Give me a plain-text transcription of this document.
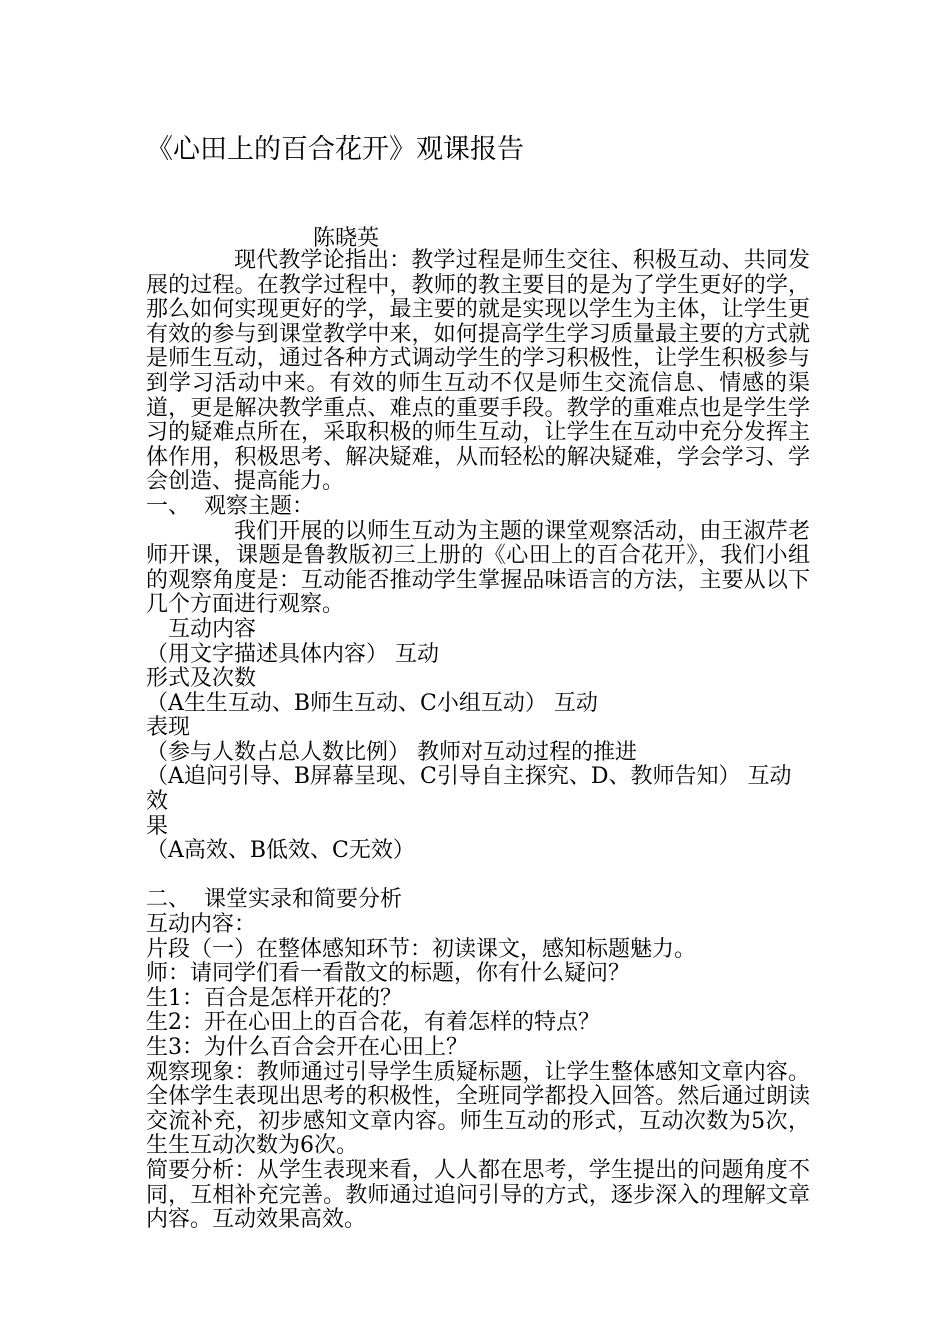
《心田上的百合花开》观课报告
陈晓英

现代教学论指出：教学过程是师生交往、积极互动、共同发展的过程。在教学过程中，教师的教主要目的是为了学生更好的学，那么如何实现更好的学，最主要的就是实现以学生为主体，让学生更有效的参与到课堂教学中来，如何提高学生学习质量最主要的方式就是师生互动，通过各种方式调动学生的学习积极性，让学生积极参与到学习活动中来。有效的师生互动不仅是师生交流信息、情感的渠道，更是解决教学重点、难点的重要手段。教学的重难点也是学生学习的疑难点所在，采取积极的师生互动，让学生在互动中充分发挥主体作用，积极思考、解决疑难，从而轻松的解决疑难，学会学习、学会创造、提高能力。

一、 观察主题：

我们开展的以师生互动为主题的课堂观察活动，由王淑芹老师开课，课题是鲁教版初三上册的《心田上的百合花开》，我们小组的观察角度是：互动能否推动学生掌握品味语言的方法，主要从以下几个方面进行观察。

互动内容

（用文字描述具体内容） 互动

形式及次数

（A生生互动、B师生互动、C小组互动） 互动

表现

（参与人数占总人数比例） 教师对互动过程的推进

（A追问引导、B屏幕呈现、C引导自主探究、D、教师告知） 互动效

果

（A高效、B低效、C无效）

二、 课堂实录和简要分析

互动内容：

片段（一）在整体感知环节：初读课文，感知标题魅力。

师：请同学们看一看散文的标题，你有什么疑问？

生1：百合是怎样开花的？

生2：开在心田上的百合花，有着怎样的特点？

生3：为什么百合会开在心田上？

观察现象：教师通过引导学生质疑标题，让学生整体感知文章内容。全体学生表现出思考的积极性，全班同学都投入回答。然后通过朗读交流补充，初步感知文章内容。师生互动的形式，互动次数为5次，生生互动次数为6次。

简要分析：从学生表现来看，人人都在思考，学生提出的问题角度不同，互相补充完善。教师通过追问引导的方式，逐步深入的理解文章内容。互动效果高效。
